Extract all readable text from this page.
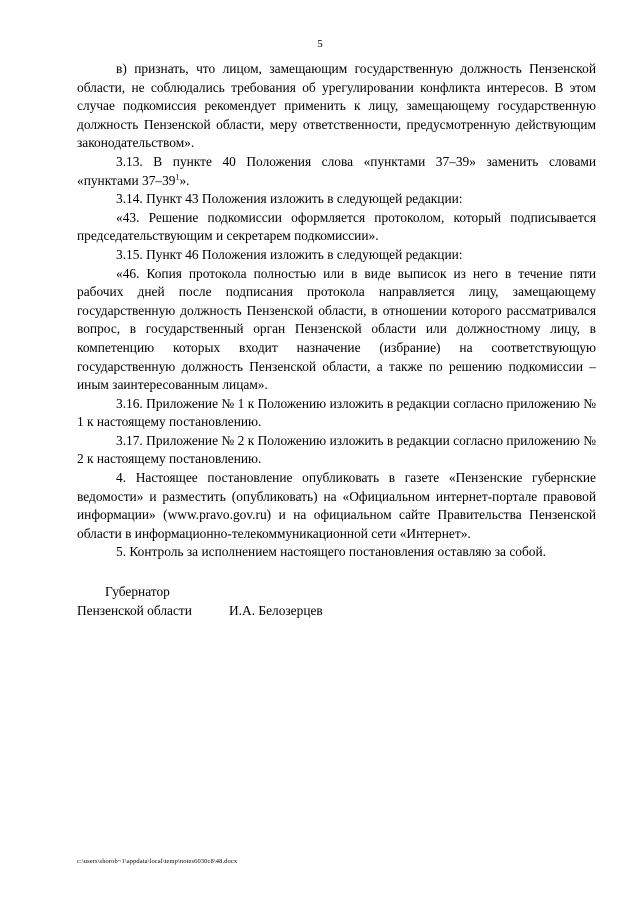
5

в) признать, что лицом, замещающим государственную должность Пензенской области, не соблюдались требования об урегулировании конфликта интересов. В этом случае подкомиссия рекомендует применить к лицу, замещающему государственную должность Пензенской области, меру ответственности, предусмотренную действующим законодательством».

3.13. В пункте 40 Положения слова «пунктами 37–39» заменить словами «пунктами $37-39^1$».

3.14. Пункт 43 Положения изложить в следующей редакции:

«43. Решение подкомиссии оформляется протоколом, который подписывается председательствующим и секретарем подкомиссии».

3.15. Пункт 46 Положения изложить в следующей редакции:

«46. Копия протокола полностью или в виде выписок из него в течение пяти рабочих дней после подписания протокола направляется лицу, замещающему государственную должность Пензенской области, в отношении которого рассматривался вопрос, в государственный орган Пензенской области или должностному лицу, в компетенцию которых входит назначение (избрание) на соответствующую государственную должность Пензенской области, а также по решению подкомиссии – иным заинтересованным лицам».

3.16. Приложение № 1 к Положению изложить в редакции согласно приложению № 1 к настоящему постановлению.

3.17. Приложение № 2 к Положению изложить в редакции согласно приложению № 2 к настоящему постановлению.

4. Настоящее постановление опубликовать в газете «Пензенские губернские ведомости» и разместить (опубликовать) на «Официальном интернет-портале правовой информации» (www.pravo.gov.ru) и на официальном сайте Правительства Пензенской области в информационно-телекоммуникационной сети «Интернет».

5. Контроль за исполнением настоящего постановления оставляю за собой.

Губернатор
Пензенской области	И.А. Белозерцев
c:\users\shorob~1\appdata\local\temp\notes6030c8\48.docx
